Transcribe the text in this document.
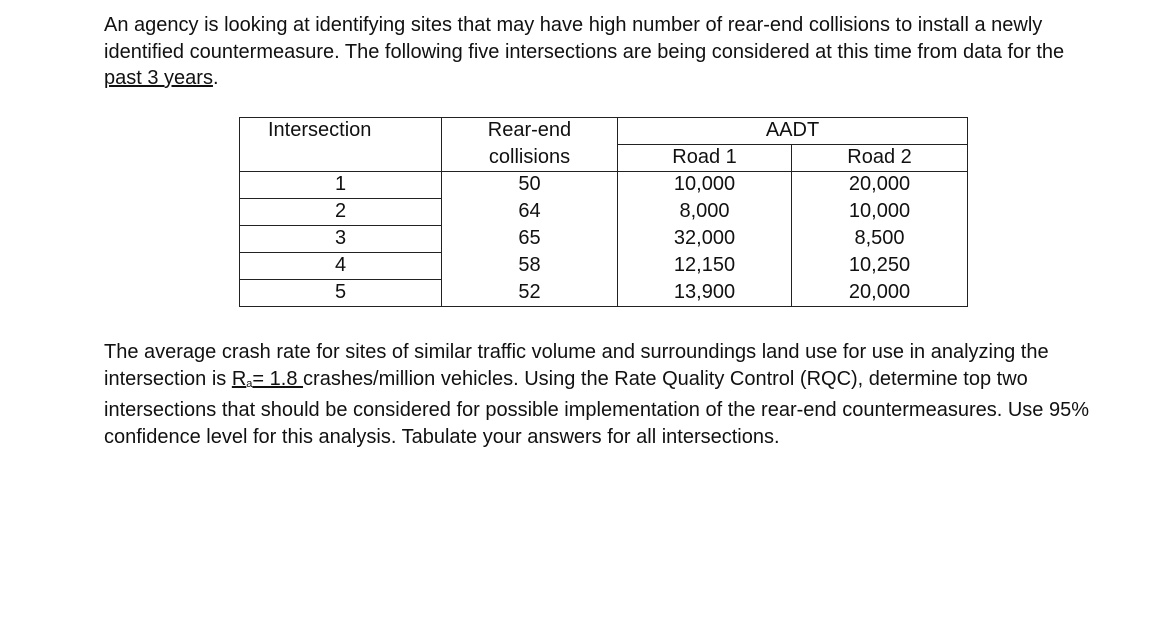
An agency is looking at identifying sites that may have high number of rear-end collisions to install a newly identified countermeasure. The following five intersections are being considered at this time from data for the past 3 years.

Intersection	Rear-end	AADT	
	collisions	Road 1	Road 2
1	50	10,000	20,000
2	64	8,000	10,000
3	65	32,000	8,500
4	58	12,150	10,250
5	52	13,900	20,000

The average crash rate for sites of similar traffic volume and surroundings land use for use in analyzing the intersection is $R_a= 1.8$ crashes/million vehicles. Using the Rate Quality Control (RQC), determine top two intersections that should be considered for possible implementation of the rear-end countermeasures. Use 95% confidence level for this analysis. Tabulate your answers for all intersections.
